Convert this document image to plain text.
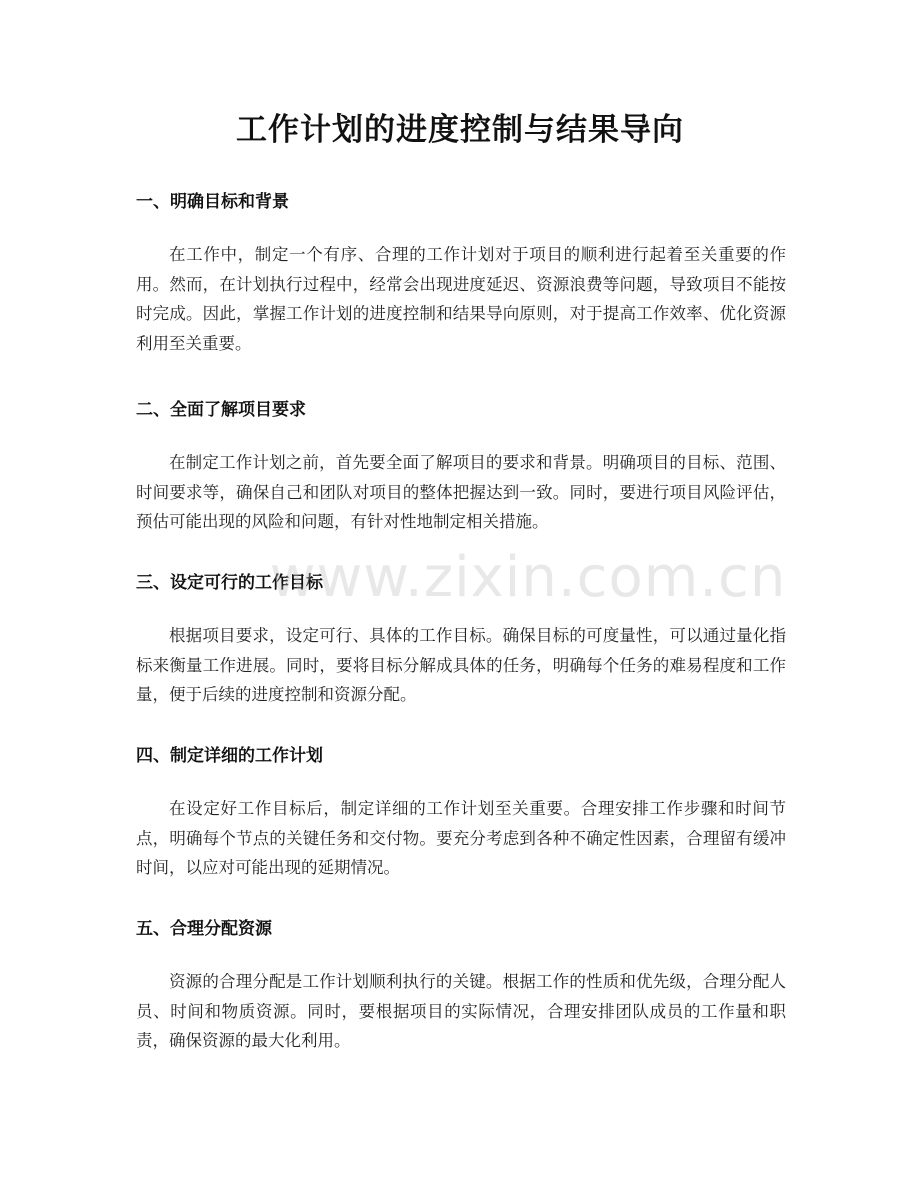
工作计划的进度控制与结果导向
一、明确目标和背景

在工作中，制定一个有序、合理的工作计划对于项目的顺利进行起着至关重要的作用。然而，在计划执行过程中，经常会出现进度延迟、资源浪费等问题，导致项目不能按时完成。因此，掌握工作计划的进度控制和结果导向原则，对于提高工作效率、优化资源利用至关重要。

二、全面了解项目要求

在制定工作计划之前，首先要全面了解项目的要求和背景。明确项目的目标、范围、时间要求等，确保自己和团队对项目的整体把握达到一致。同时，要进行项目风险评估，预估可能出现的风险和问题，有针对性地制定相关措施。

三、设定可行的工作目标

根据项目要求，设定可行、具体的工作目标。确保目标的可度量性，可以通过量化指标来衡量工作进展。同时，要将目标分解成具体的任务，明确每个任务的难易程度和工作量，便于后续的进度控制和资源分配。

四、制定详细的工作计划

在设定好工作目标后，制定详细的工作计划至关重要。合理安排工作步骤和时间节点，明确每个节点的关键任务和交付物。要充分考虑到各种不确定性因素，合理留有缓冲时间，以应对可能出现的延期情况。

五、合理分配资源

资源的合理分配是工作计划顺利执行的关键。根据工作的性质和优先级，合理分配人员、时间和物质资源。同时，要根据项目的实际情况，合理安排团队成员的工作量和职责，确保资源的最大化利用。

www.zixin.com.cn
